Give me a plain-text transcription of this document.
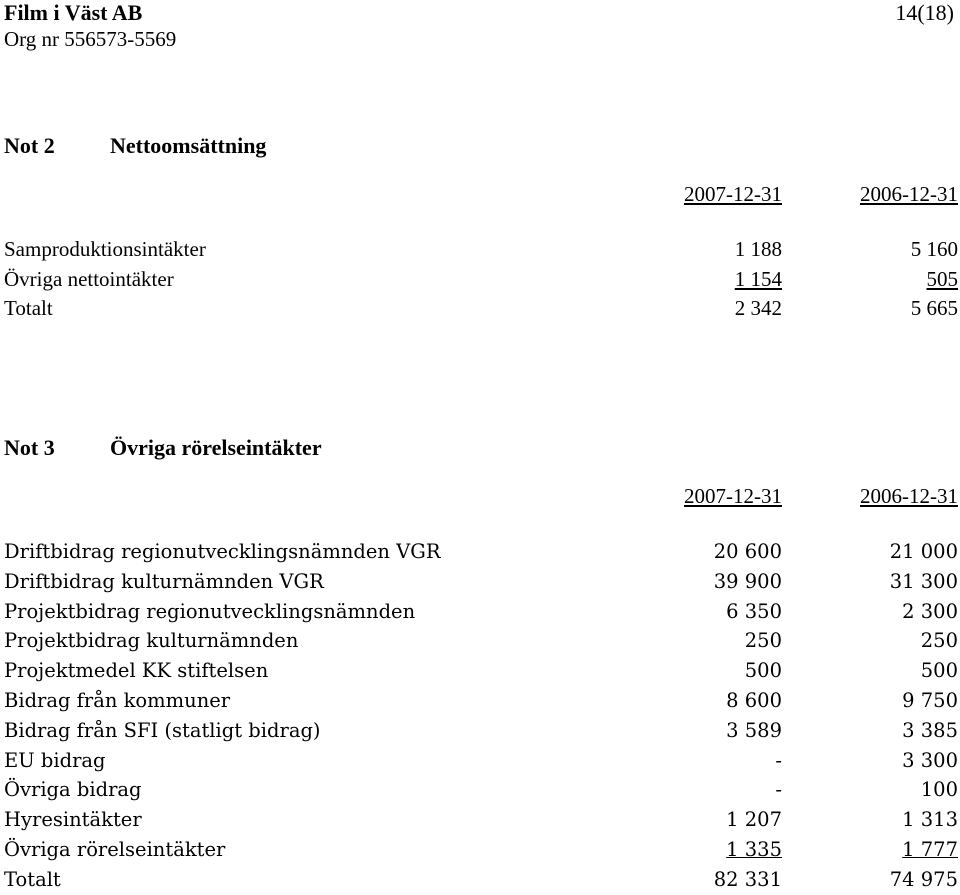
Film i Väst AB	14(18)
Org nr 556573-5569
Not 2	Nettoomsättning
2007-12-31	2006-12-31
Samproduktionsintäkter	1 188	5 160
Övriga nettointäkter	1 154	505
Totalt	2 342	5 665
Not 3	Övriga rörelseintäkter
2007-12-31	2006-12-31
Driftbidrag regionutvecklingsnämnden VGR	20 600	21 000
Driftbidrag kulturnämnden VGR	39 900	31 300
Projektbidrag regionutvecklingsnämnden	6 350	2 300
Projektbidrag kulturnämnden	250	250
Projektmedel KK stiftelsen	500	500
Bidrag från kommuner	8 600	9 750
Bidrag från SFI (statligt bidrag)	3 589	3 385
EU bidrag	-	3 300
Övriga bidrag	-	100
Hyresintäkter	1 207	1 313
Övriga rörelseintäkter	1 335	1 777
Totalt	82 331	74 975
